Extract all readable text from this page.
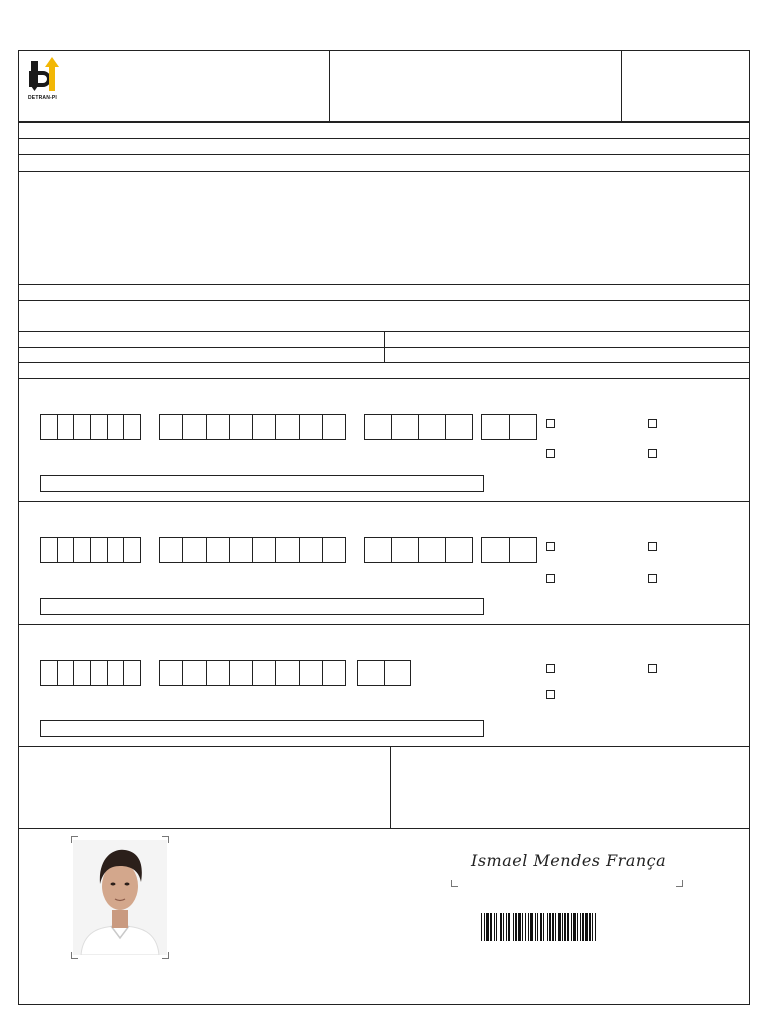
DETRAN-PI
Ismael Mendes França
